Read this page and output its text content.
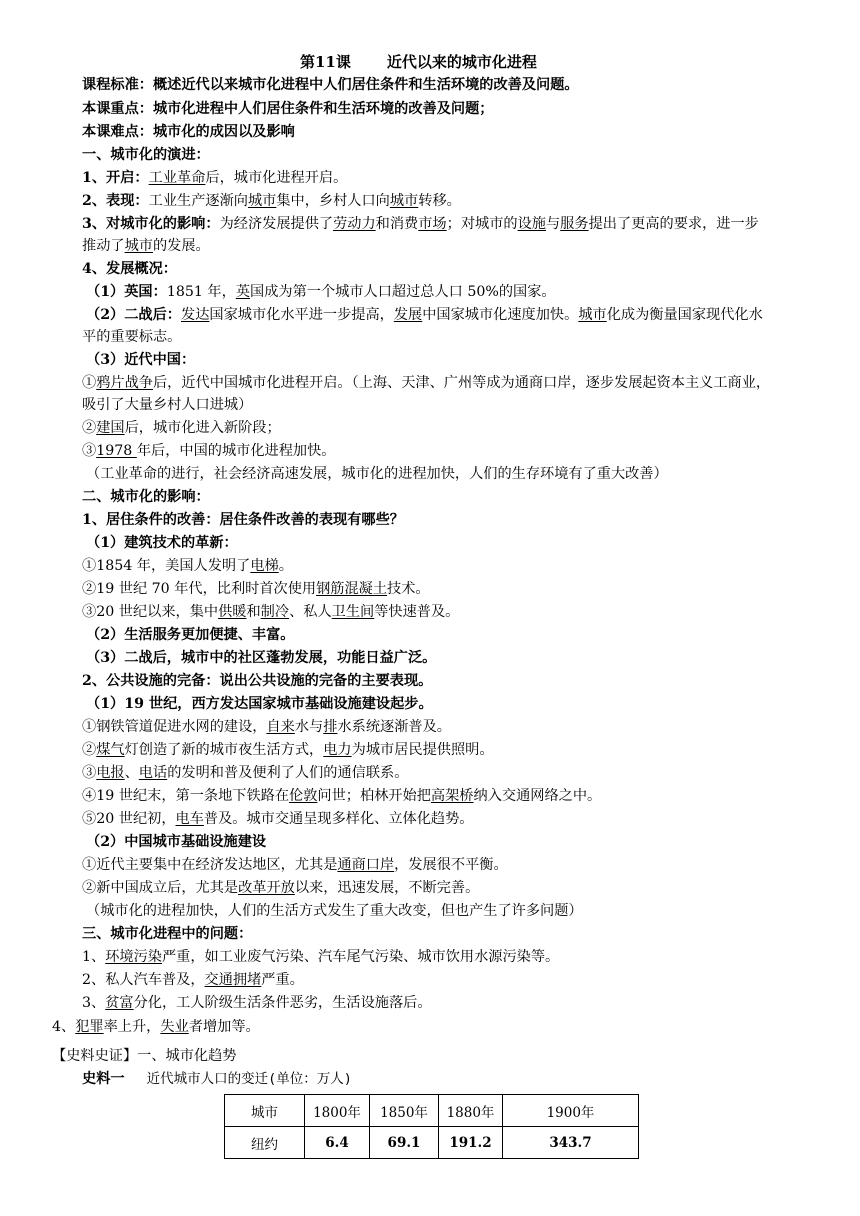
第11课 近代以来的城市化进程
课程标准：概述近代以来城市化进程中人们居住条件和生活环境的改善及问题。
本课重点：城市化进程中人们居住条件和生活环境的改善及问题；
本课难点：城市化的成因以及影响
一、城市化的演进：
1、开启：工业革命后，城市化进程开启。
2、表现：工业生产逐渐向城市集中，乡村人口向城市转移。
3、对城市化的影响：为经济发展提供了劳动力和消费市场；对城市的设施与服务提出了更高的要求，进一步
推动了城市的发展。
4、发展概况：
（1）英国：1851 年，英国成为第一个城市人口超过总人口 50%的国家。
（2）二战后：发达国家城市化水平进一步提高，发展中国家城市化速度加快。城市化成为衡量国家现代化水
平的重要标志。
（3）近代中国：
①鸦片战争后，近代中国城市化进程开启。（上海、天津、广州等成为通商口岸，逐步发展起资本主义工商业，
吸引了大量乡村人口进城）
②建国后，城市化进入新阶段；
③1978 年后，中国的城市化进程加快。
（工业革命的进行，社会经济高速发展，城市化的进程加快，人们的生存环境有了重大改善）
二、城市化的影响：
1、居住条件的改善：居住条件改善的表现有哪些？
（1）建筑技术的革新：
①1854 年，美国人发明了电梯。
②19 世纪 70 年代，比利时首次使用钢筋混凝土技术。
③20 世纪以来，集中供暖和制冷、私人卫生间等快速普及。
（2）生活服务更加便捷、丰富。
（3）二战后，城市中的社区蓬勃发展，功能日益广泛。
2、公共设施的完备：说出公共设施的完备的主要表现。
（1）19 世纪，西方发达国家城市基础设施建设起步。
①钢铁管道促进水网的建设，自来水与排水系统逐渐普及。
②煤气灯创造了新的城市夜生活方式，电力为城市居民提供照明。
③电报、电话的发明和普及便利了人们的通信联系。
④19 世纪末，第一条地下铁路在伦敦问世；柏林开始把高架桥纳入交通网络之中。
⑤20 世纪初，电车普及。城市交通呈现多样化、立体化趋势。
（2）中国城市基础设施建设
①近代主要集中在经济发达地区，尤其是通商口岸，发展很不平衡。
②新中国成立后，尤其是改革开放以来，迅速发展，不断完善。
（城市化的进程加快，人们的生活方式发生了重大改变，但也产生了许多问题）
三、城市化进程中的问题：
1、环境污染严重，如工业废气污染、汽车尾气污染、城市饮用水源污染等。
2、私人汽车普及，交通拥堵严重。
3、贫富分化，工人阶级生活条件恶劣，生活设施落后。
4、犯罪率上升，失业者增加等。
【史料史证】一、城市化趋势
史料一 近代城市人口的变迁(单位：万人)
城市	1800年	1850年	1880年	1900年
纽约	6.4	69.1	191.2	343.7
